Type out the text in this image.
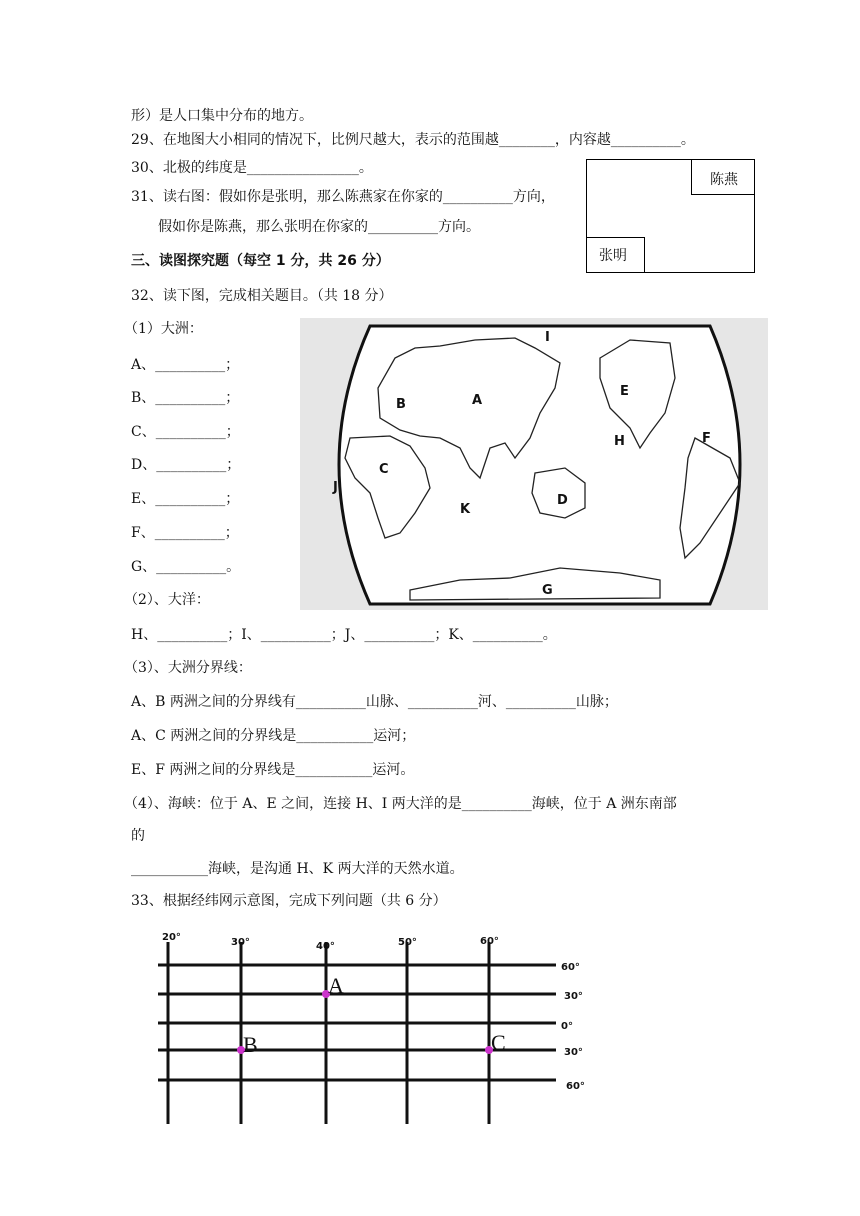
形）是人口集中分布的地方。
29、在地图大小相同的情况下，比例尺越大，表示的范围越________，内容越__________。
30、北极的纬度是________________。
31、读右图：假如你是张明，那么陈燕家在你家的__________方向，
假如你是陈燕，那么张明在你家的__________方向。
三、读图探究题（每空 1 分，共 26 分）
32、读下图，完成相关题目。（共 18 分）
（1）大洲：
A、__________；
B、__________；
C、__________；
D、__________；
E、__________；
F、__________；
G、__________。
（2）、大洋：
H、__________；I、__________；J、__________；K、__________。
（3）、大洲分界线：
A、B 两洲之间的分界线有__________山脉、__________河、__________山脉；
A、C 两洲之间的分界线是___________运河；
E、F 两洲之间的分界线是___________运河。
（4）、海峡：位于 A、E 之间，连接 H、I 两大洋的是__________海峡，位于 A 洲东南部
的
___________海峡，是沟通 H、K 两大洋的天然水道。
33、根据经纬网示意图，完成下列问题（共 6 分）
陈燕
张明
A
B
C
D
E
F
G
H
I
J
K
20°	30°	40°	50°	60°
60°
30°
0°
30°
60°
A
B	C
